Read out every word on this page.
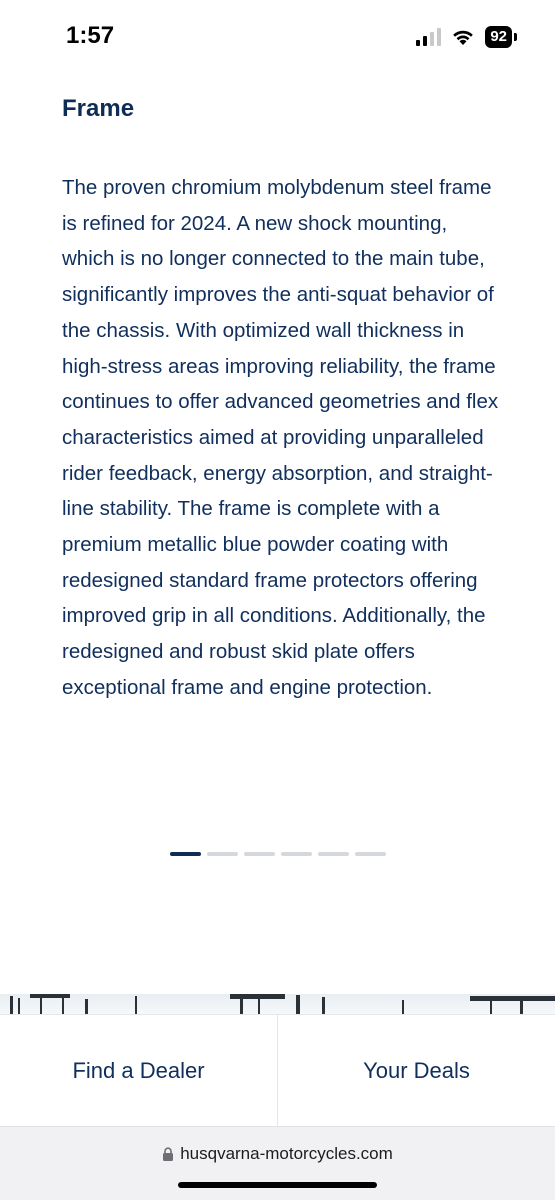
1:57	92
Frame

The proven chromium molybdenum steel frame is refined for 2024. A new shock mounting, which is no longer connected to the main tube, significantly improves the anti-squat behavior of the chassis. With optimized wall thickness in high-stress areas improving reliability, the frame continues to offer advanced geometries and flex characteristics aimed at providing unparalleled rider feedback, energy absorption, and straight-line stability. The frame is complete with a premium metallic blue powder coating with redesigned standard frame protectors offering improved grip in all conditions. Additionally, the redesigned and robust skid plate offers exceptional frame and engine protection.

Find a Dealer	Your Deals
husqvarna-motorcycles.com
